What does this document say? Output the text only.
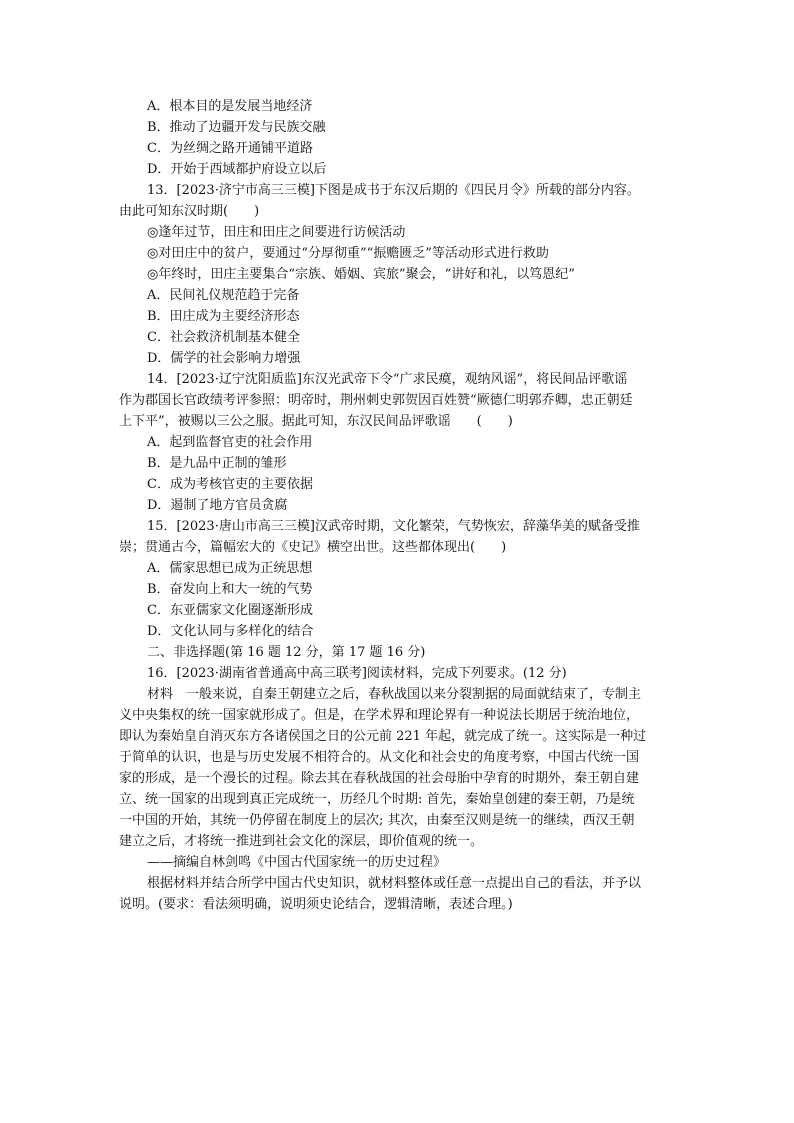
A．根本目的是发展当地经济
B．推动了边疆开发与民族交融
C．为丝绸之路开通铺平道路
D．开始于西域都护府设立以后
13．[2023·济宁市高三三模]下图是成书于东汉后期的《四民月令》所载的部分内容。
由此可知东汉时期(　　)
◎逢年过节，田庄和田庄之间要进行访候活动
◎对田庄中的贫户，要通过“分厚彻重”“振赡匮乏”等活动形式进行救助
◎年终时，田庄主要集合“宗族、婚姻、宾旅”聚会，“讲好和礼，以笃恩纪”
A．民间礼仪规范趋于完备
B．田庄成为主要经济形态
C．社会救济机制基本健全
D．儒学的社会影响力增强
14．[2023·辽宁沈阳质监]东汉光武帝下令“广求民瘼，观纳风谣”，将民间品评歌谣
作为郡国长官政绩考评参照：明帝时，荆州刺史郭贺因百姓赞“厥德仁明郭乔卿，忠正朝廷
上下平”，被赐以三公之服。据此可知，东汉民间品评歌谣　　(　　)
A．起到监督官吏的社会作用
B．是九品中正制的雏形
C．成为考核官吏的主要依据
D．遏制了地方官员贪腐
15．[2023·唐山市高三三模]汉武帝时期，文化繁荣，气势恢宏，辞藻华美的赋备受推
崇；贯通古今，篇幅宏大的《史记》横空出世。这些都体现出(　　)
A．儒家思想已成为正统思想
B．奋发向上和大一统的气势
C．东亚儒家文化圈逐渐形成
D．文化认同与多样化的结合
二、非选择题(第 16 题 12 分，第 17 题 16 分)
16．[2023·湖南省普通高中高三联考]阅读材料，完成下列要求。(12 分)
材料　一般来说，自秦王朝建立之后，春秋战国以来分裂割据的局面就结束了，专制主
义中央集权的统一国家就形成了。但是，在学术界和理论界有一种说法长期居于统治地位，
即认为秦始皇自消灭东方各诸侯国之日的公元前 221 年起，就完成了统一。这实际是一种过
于简单的认识，也是与历史发展不相符合的。从文化和社会史的角度考察，中国古代统一国
家的形成，是一个漫长的过程。除去其在春秋战国的社会母胎中孕育的时期外，秦王朝自建
立、统一国家的出现到真正完成统一，历经几个时期: 首先，秦始皇创建的秦王朝，乃是统
一中国的开始，其统一仍停留在制度上的层次; 其次，由秦至汉则是统一的继续，西汉王朝
建立之后，才将统一推进到社会文化的深层，即价值观的统一。
——摘编自林剑鸣《中国古代国家统一的历史过程》
根据材料并结合所学中国古代史知识，就材料整体或任意一点提出自己的看法，并予以
说明。(要求：看法须明确，说明须史论结合，逻辑清晰，表述合理。)
